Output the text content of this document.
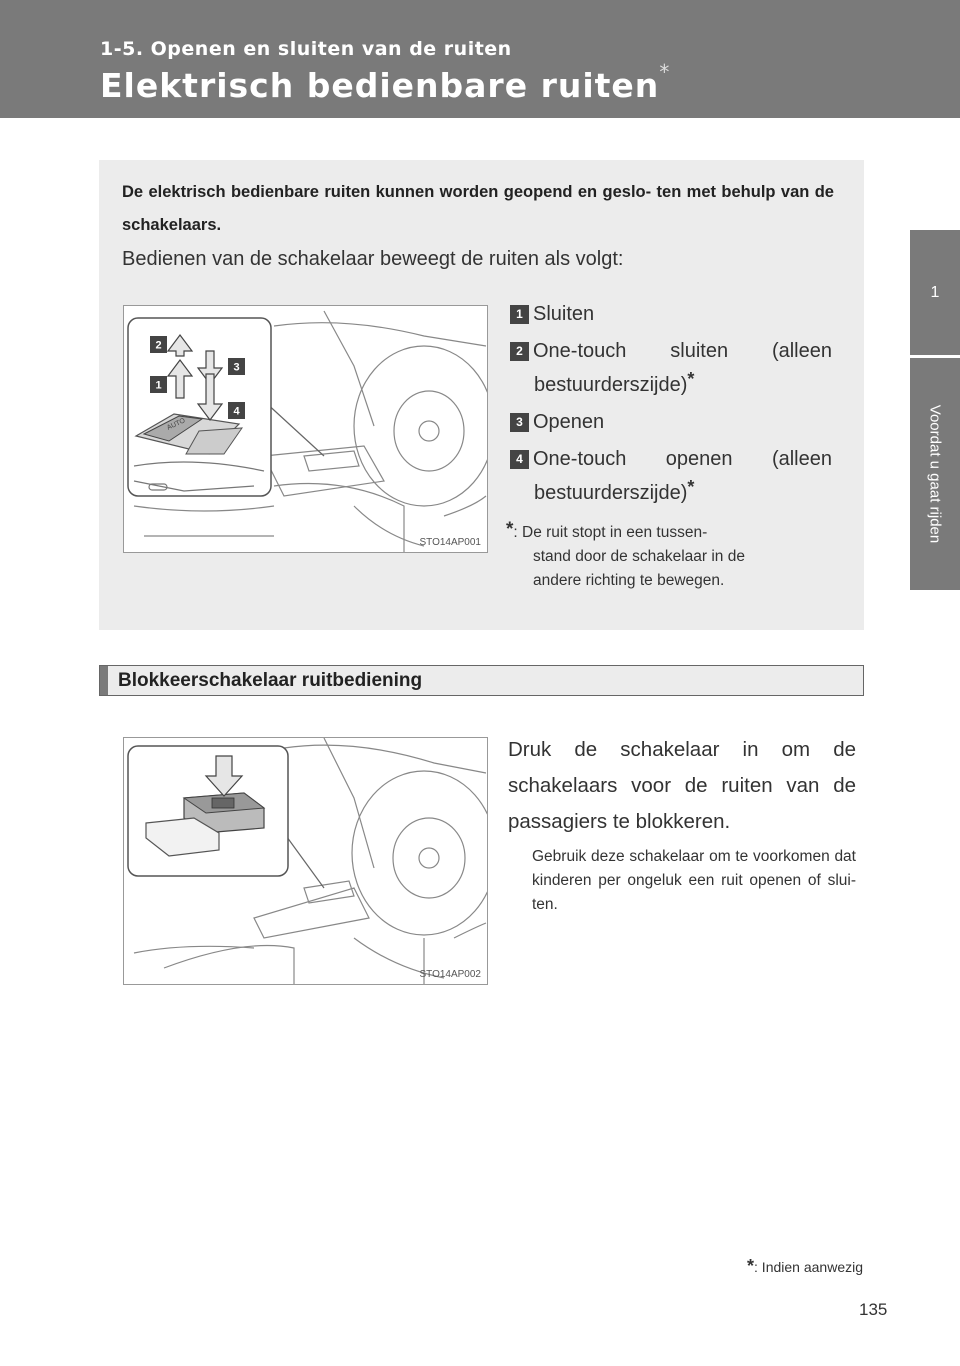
1-5. Openen en sluiten van de ruiten
Elektrisch bedienbare ruiten*
1
Voordat u gaat rijden
De elektrisch bedienbare ruiten kunnen worden geopend en geslo- ten met behulp van de schakelaars.
Bedienen van de schakelaar beweegt de ruiten als volgt:
AUTO
2
3
1
4
STO14AP001
1 Sluiten
2 One-touch sluiten (alleen
bestuurderszijde)*
3 Openen
4 One-touch openen (alleen
bestuurderszijde)*
*: De ruit stopt in een tussen-
stand door de schakelaar in de
andere richting te bewegen.
Blokkeerschakelaar ruitbediening
STO14AP002
Druk de schakelaar in om de schakelaars voor de ruiten van de passagiers te blokkeren.
Gebruik deze schakelaar om te voorkomen dat kinderen per ongeluk een ruit openen of slui- ten.
*: Indien aanwezig
135
